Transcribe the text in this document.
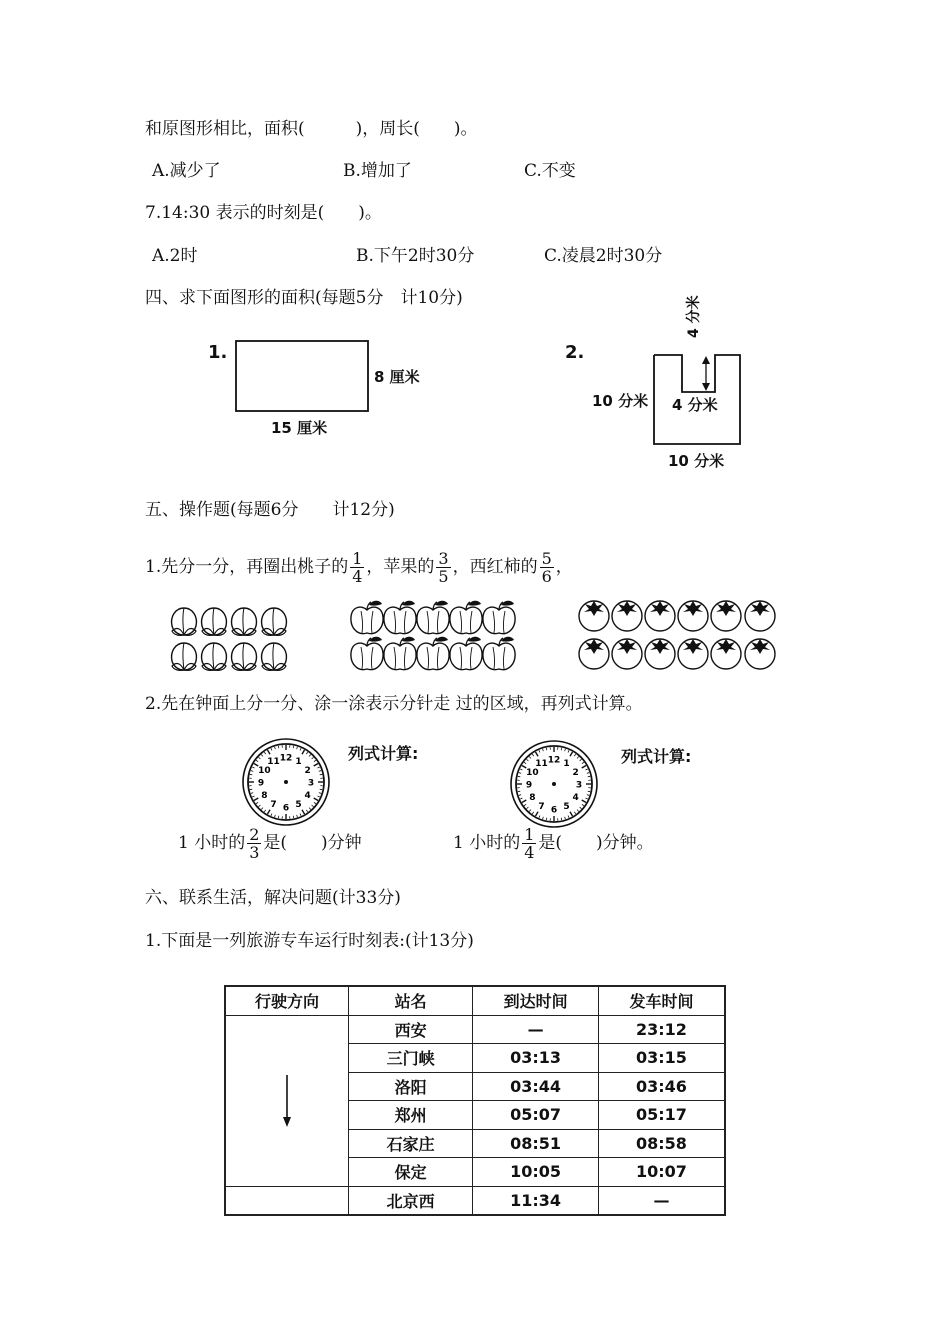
和原图形相比，面积(　　　)，周长(　　)。
A.减少了	B.增加了	C.不变
7.14:30 表示的时刻是(　　)。
A.2时	B.下午2时30分	C.凌晨2时30分
四、求下面图形的面积(每题5分　计10分)
1.
8 厘米
15 厘米
2.
4 分米
4 分米
10 分米
10 分米
五、操作题(每题6分　　计12分)
1.先分一分，再圈出桃子的 $\frac{1}{4}$ ，苹果的 $\frac{3}{5}$ ，西红柿的 $\frac{5}{6}$ ，
2.先在钟面上分一分、涂一涂表示分针走 过的区域，再列式计算。
12 1
2
3
4
5
6
7
8
9
10
11	12 1
2
3
4
5
6
7
8
9
10
11
列式计算:	列式计算:
1 小时的 $\frac{2}{3}$ 是(　　)分钟	1 小时的 $\frac{1}{4}$ 是(　　)分钟。
六、联系生活，解决问题(计33分)
1.下面是一列旅游专车运行时刻表:(计13分)
行驶方向	站名	到达时间	发车时间

	西安	—	23:12
	三门峡	03:13	03:15
	洛阳	03:44	03:46
	郑州	05:07	05:17
	石家庄	08:51	08:58
	保定	10:05	10:07
	北京西	11:34	—
